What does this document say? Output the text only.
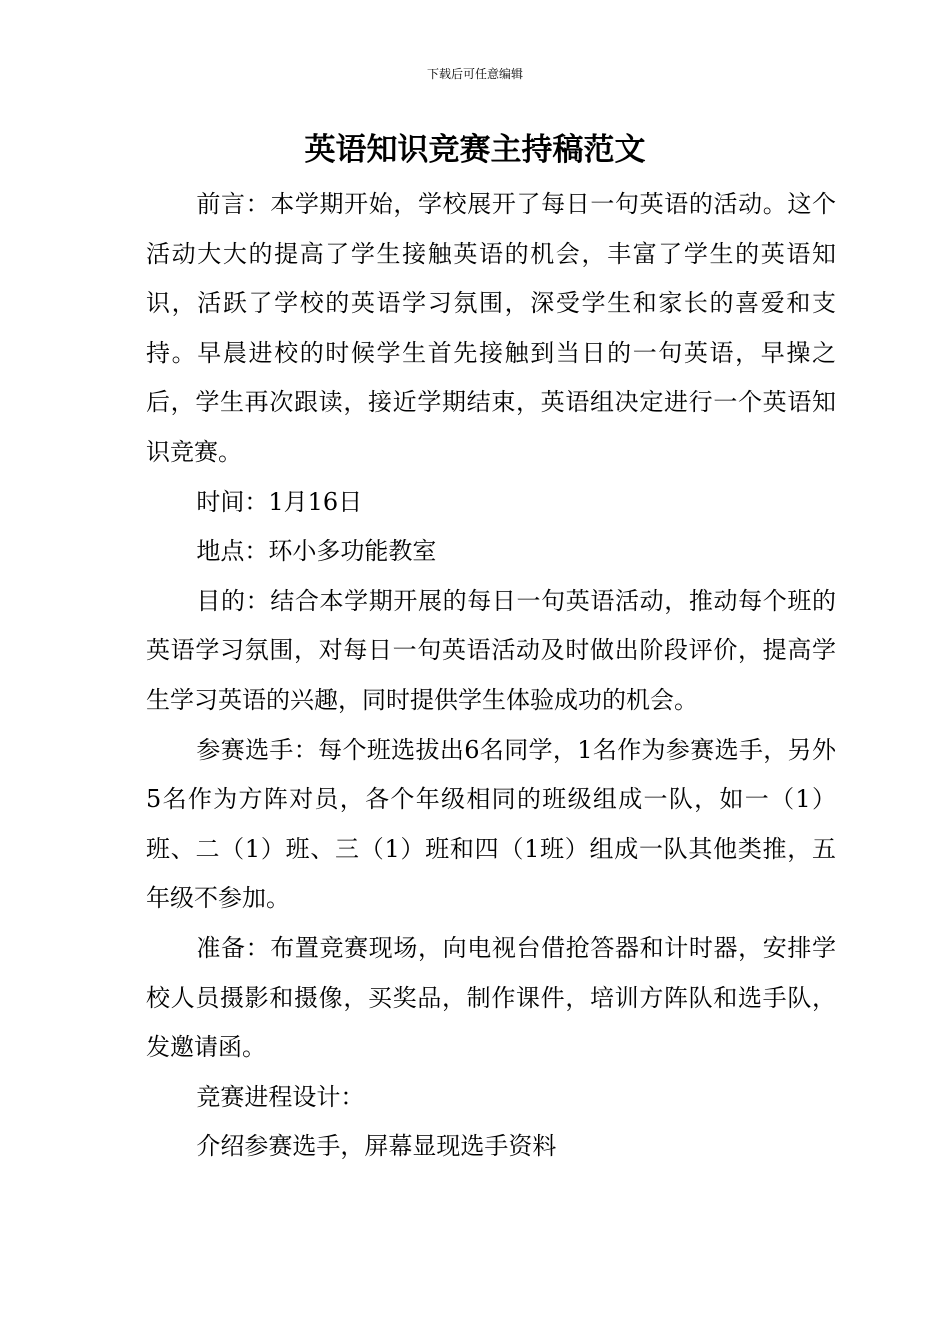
下载后可任意编辑
英语知识竞赛主持稿范文

前言：本学期开始，学校展开了每日一句英语的活动。这个活动大大的提高了学生接触英语的机会，丰富了学生的英语知识，活跃了学校的英语学习氛围，深受学生和家长的喜爱和支持。早晨进校的时候学生首先接触到当日的一句英语，早操之后，学生再次跟读，接近学期结束，英语组决定进行一个英语知识竞赛。

时间：1月16日

地点：环小多功能教室

目的：结合本学期开展的每日一句英语活动，推动每个班的英语学习氛围，对每日一句英语活动及时做出阶段评价，提高学生学习英语的兴趣，同时提供学生体验成功的机会。

参赛选手：每个班选拔出6名同学，1名作为参赛选手，另外5名作为方阵对员，各个年级相同的班级组成一队，如一（1）班、二（1）班、三（1）班和四（1班）组成一队其他类推，五年级不参加。

准备：布置竞赛现场，向电视台借抢答器和计时器，安排学校人员摄影和摄像，买奖品，制作课件，培训方阵队和选手队，发邀请函。

竞赛进程设计：

介绍参赛选手，屏幕显现选手资料
